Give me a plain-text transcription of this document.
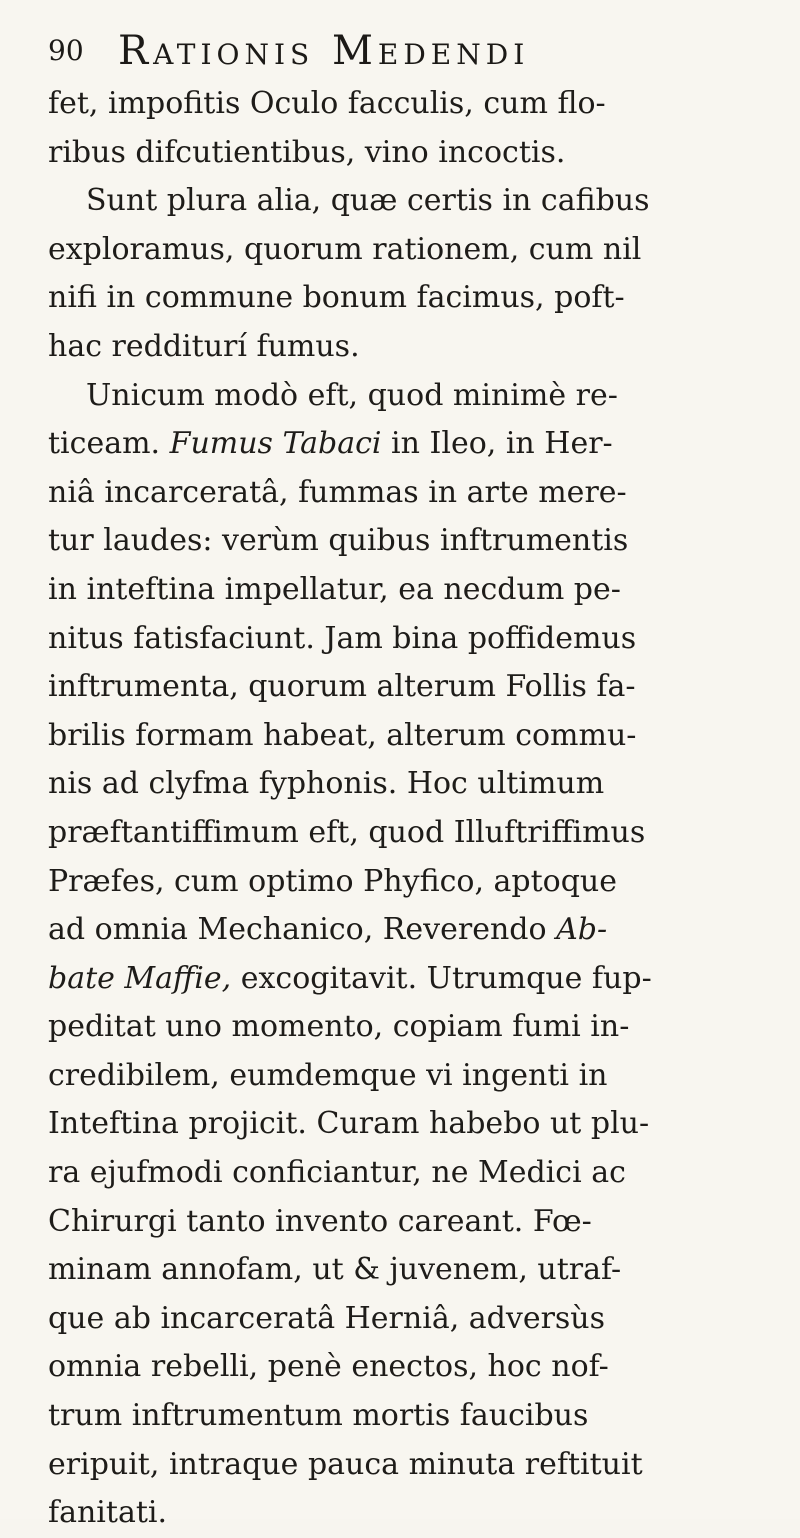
90 Rationis Medendi
fet, impofitis Oculo facculis, cum flo-
ribus difcutientibus, vino incoctis.
Sunt plura alia, quæ certis in cafibus
exploramus, quorum rationem, cum nil
nifi in commune bonum facimus, poft-
hac redditurí fumus.
Unicum modò eft, quod minimè re-
ticeam. Fumus Tabaci in Ileo, in Her-
niâ incarceratâ, fummas in arte mere-
tur laudes: verùm quibus inftrumentis
in inteftina impellatur, ea necdum pe-
nitus fatisfaciunt. Jam bina poffidemus
inftrumenta, quorum alterum Follis fa-
brilis formam habeat, alterum commu-
nis ad clyfma fyphonis. Hoc ultimum
præftantiffimum eft, quod Illuftriffimus
Præfes, cum optimo Phyfico, aptoque
ad omnia Mechanico, Reverendo Ab-
bate Maffie, excogitavit. Utrumque fup-
peditat uno momento, copiam fumi in-
credibilem, eumdemque vi ingenti in
Inteftina projicit. Curam habebo ut plu-
ra ejufmodi conficiantur, ne Medici ac
Chirurgi tanto invento careant. Fœ-
minam annofam, ut & juvenem, utraf-
que ab incarceratâ Herniâ, adversùs
omnia rebelli, penè enectos, hoc nof-
trum inftrumentum mortis faucibus
eripuit, intraque pauca minuta reftituit
fanitati.
